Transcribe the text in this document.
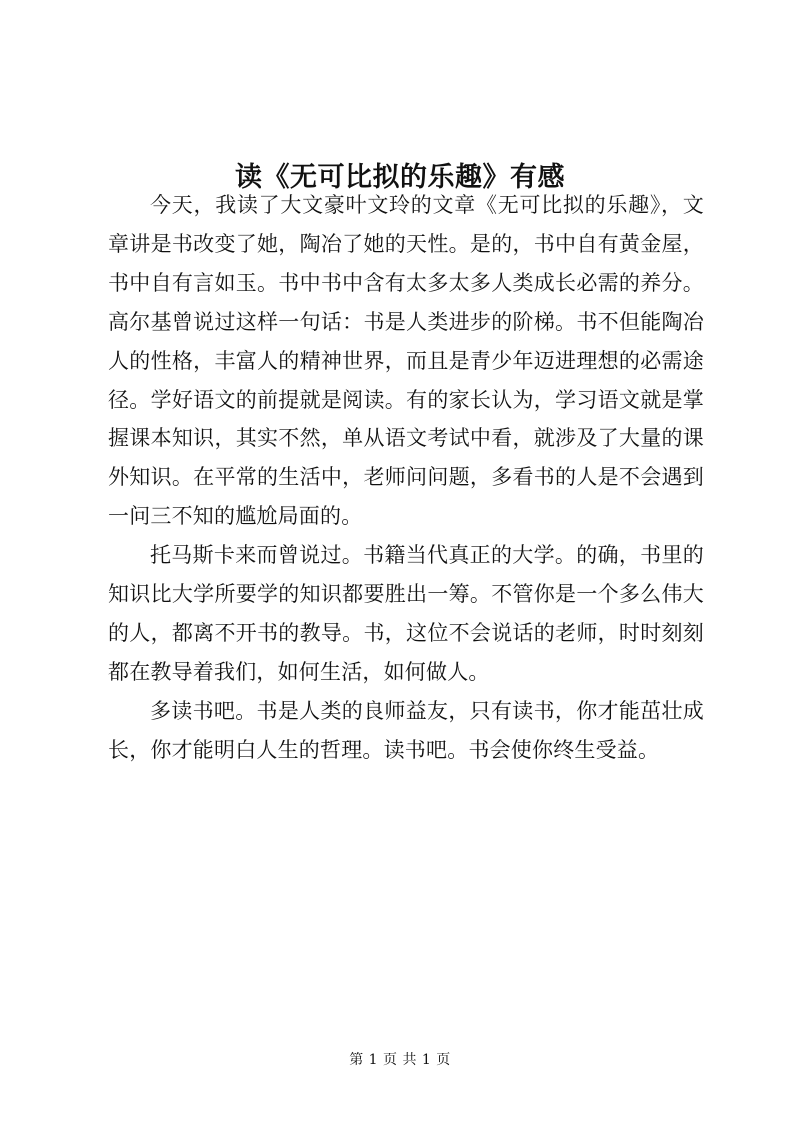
读《无可比拟的乐趣》有感

今天，我读了大文豪叶文玲的文章《无可比拟的乐趣》，文章讲是书改变了她，陶冶了她的天性。是的，书中自有黄金屋，书中自有言如玉。书中书中含有太多太多人类成长必需的养分。高尔基曾说过这样一句话：书是人类进步的阶梯。书不但能陶冶人的性格，丰富人的精神世界，而且是青少年迈进理想的必需途径。学好语文的前提就是阅读。有的家长认为，学习语文就是掌握课本知识，其实不然，单从语文考试中看，就涉及了大量的课外知识。在平常的生活中，老师问问题，多看书的人是不会遇到一问三不知的尴尬局面的。

托马斯卡来而曾说过。书籍当代真正的大学。的确，书里的知识比大学所要学的知识都要胜出一筹。不管你是一个多么伟大的人，都离不开书的教导。书，这位不会说话的老师，时时刻刻都在教导着我们，如何生活，如何做人。

多读书吧。书是人类的良师益友，只有读书，你才能茁壮成长，你才能明白人生的哲理。读书吧。书会使你终生受益。

第 1 页 共 1 页
